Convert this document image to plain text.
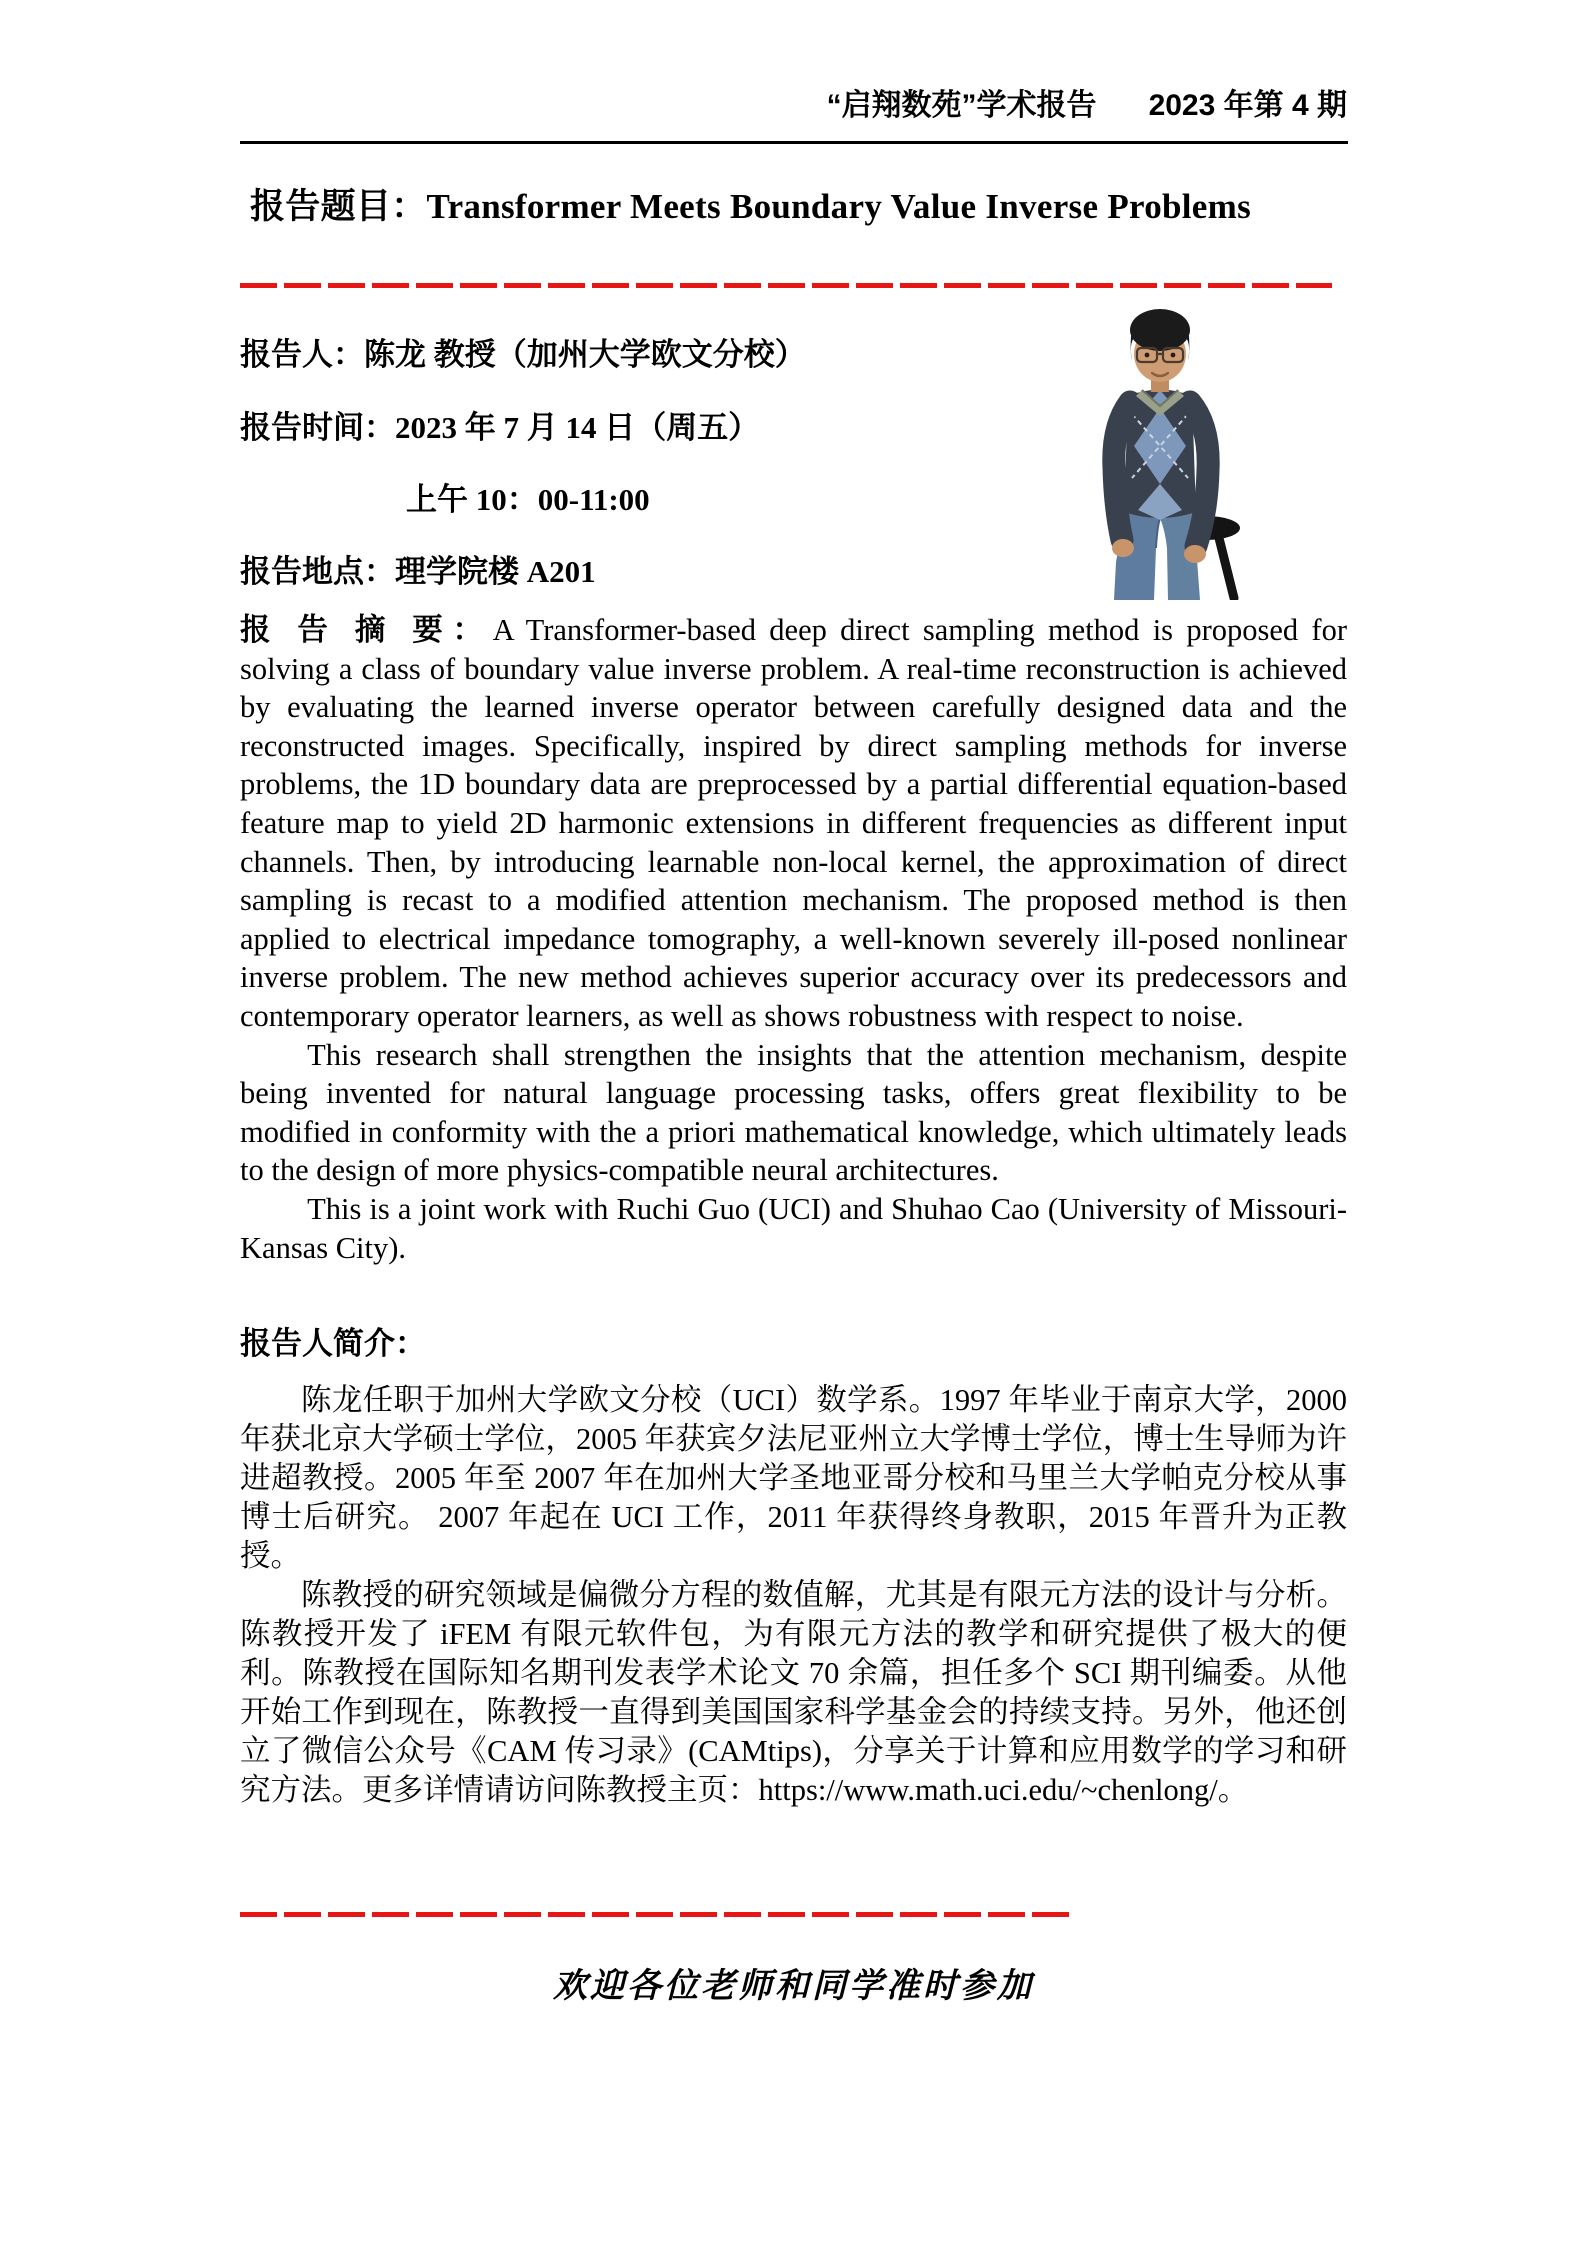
“启翔数苑”学术报告 2023 年第 4 期
报告题目：Transformer Meets Boundary Value Inverse Problems
报告人：陈龙 教授（加州大学欧文分校）
报告时间：2023 年 7 月 14 日（周五）
上午 10：00-11:00
报告地点：理学院楼 A201

报 告 摘 要：A Transformer-based deep direct sampling method is proposed for solving a class of boundary value inverse problem. A real-time reconstruction is achieved by evaluating the learned inverse operator between carefully designed data and the reconstructed images. Specifically, inspired by direct sampling methods for inverse problems, the 1D boundary data are preprocessed by a partial differential equation-based feature map to yield 2D harmonic extensions in different frequencies as different input channels. Then, by introducing learnable non-local kernel, the approximation of direct sampling is recast to a modified attention mechanism. The proposed method is then applied to electrical impedance tomography, a well-known severely ill-posed nonlinear inverse problem. The new method achieves superior accuracy over its predecessors and contemporary operator learners, as well as shows robustness with respect to noise.

This research shall strengthen the insights that the attention mechanism, despite being invented for natural language processing tasks, offers great flexibility to be modified in conformity with the a priori mathematical knowledge, which ultimately leads to the design of more physics-compatible neural architectures.

This is a joint work with Ruchi Guo (UCI) and Shuhao Cao (University of Missouri-Kansas City).

报告人简介：

陈龙任职于加州大学欧文分校（UCI）数学系。1997 年毕业于南京大学，2000 年获北京大学硕士学位，2005 年获宾夕法尼亚州立大学博士学位，博士生导师为许进超教授。2005 年至 2007 年在加州大学圣地亚哥分校和马里兰大学帕克分校从事博士后研究。 2007 年起在 UCI 工作，2011 年获得终身教职，2015 年晋升为正教授。

陈教授的研究领域是偏微分方程的数值解，尤其是有限元方法的设计与分析。陈教授开发了 iFEM 有限元软件包，为有限元方法的教学和研究提供了极大的便利。陈教授在国际知名期刊发表学术论文 70 余篇，担任多个 SCI 期刊编委。从他开始工作到现在，陈教授一直得到美国国家科学基金会的持续支持。另外，他还创立了微信公众号《CAM 传习录》(CAMtips)，分享关于计算和应用数学的学习和研究方法。更多详情请访问陈教授主页：https://www.math.uci.edu/~chenlong/。

欢迎各位老师和同学准时参加
